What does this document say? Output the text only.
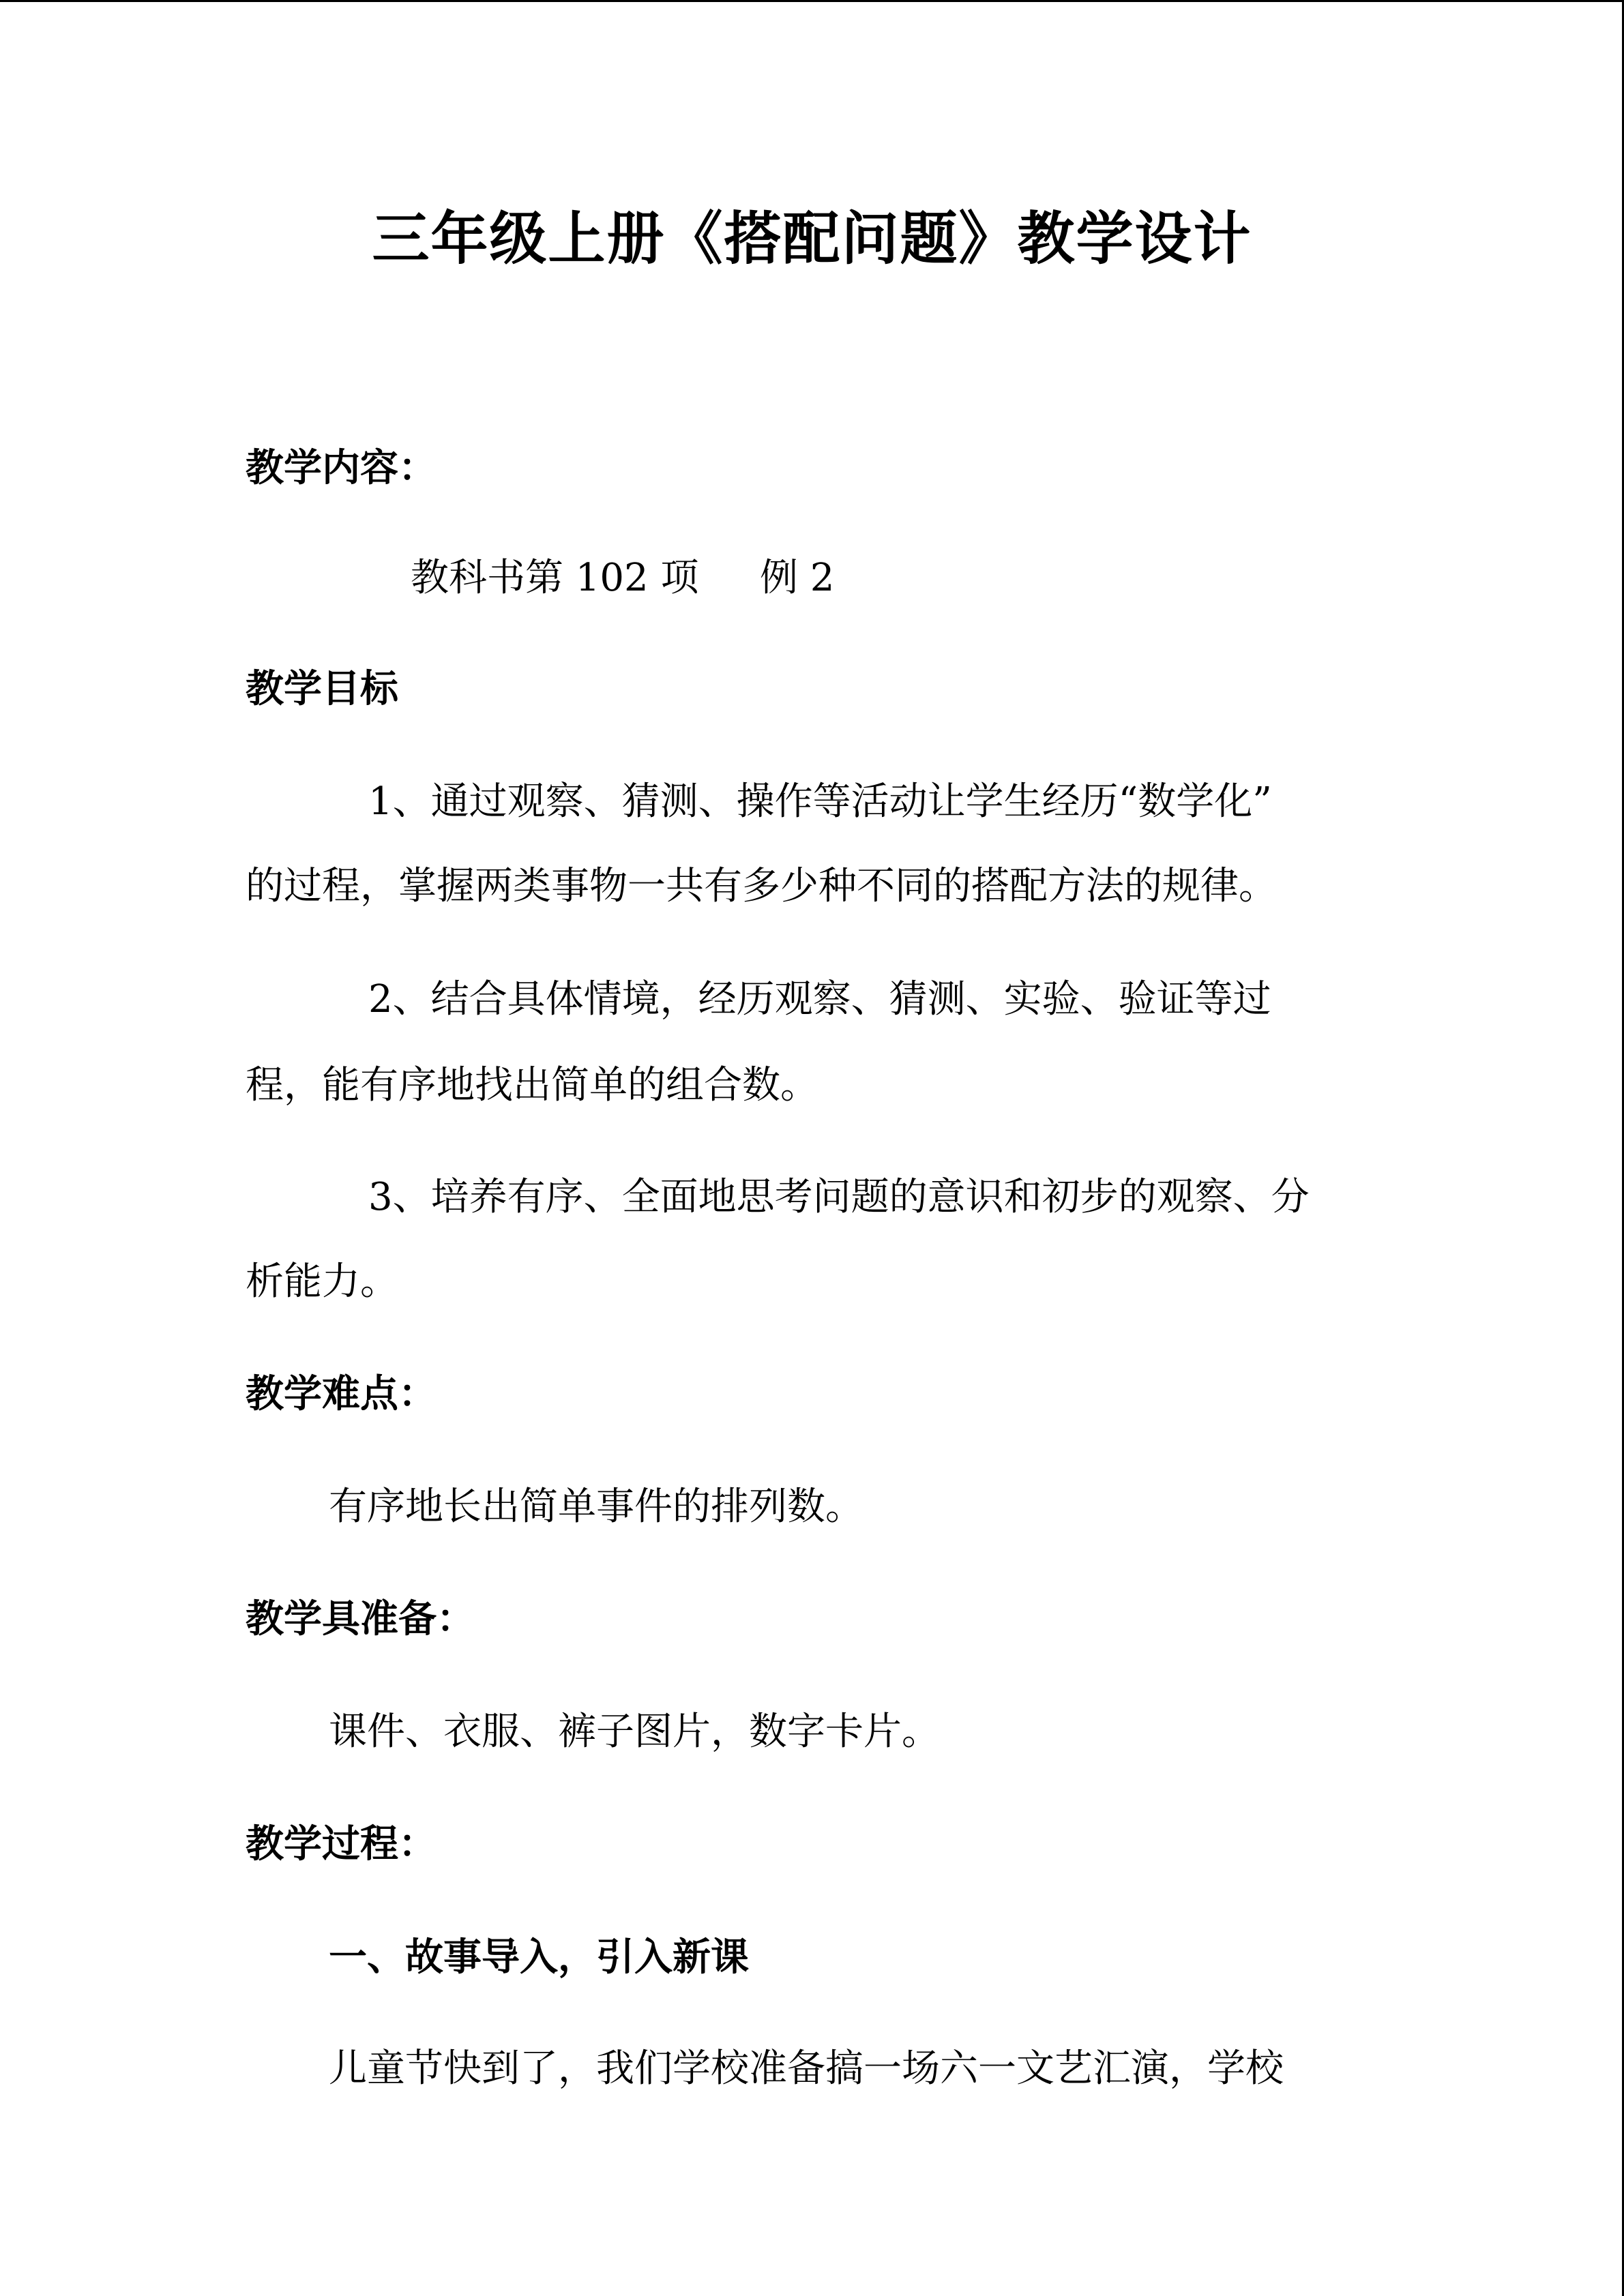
三年级上册《搭配问题》教学设计
教学内容：
教科书第 102 项 例 2
教学目标
1、通过观察、猜测、操作等活动让学生经历“数学化”
的过程，掌握两类事物一共有多少种不同的搭配方法的规律。
2、结合具体情境，经历观察、猜测、实验、验证等过
程，能有序地找出简单的组合数。
3、培养有序、全面地思考问题的意识和初步的观察、分
析能力。
教学难点：
有序地长出简单事件的排列数。
教学具准备：
课件、衣服、裤子图片，数字卡片。
教学过程：
一、故事导入，引入新课
儿童节快到了，我们学校准备搞一场六一文艺汇演，学校
